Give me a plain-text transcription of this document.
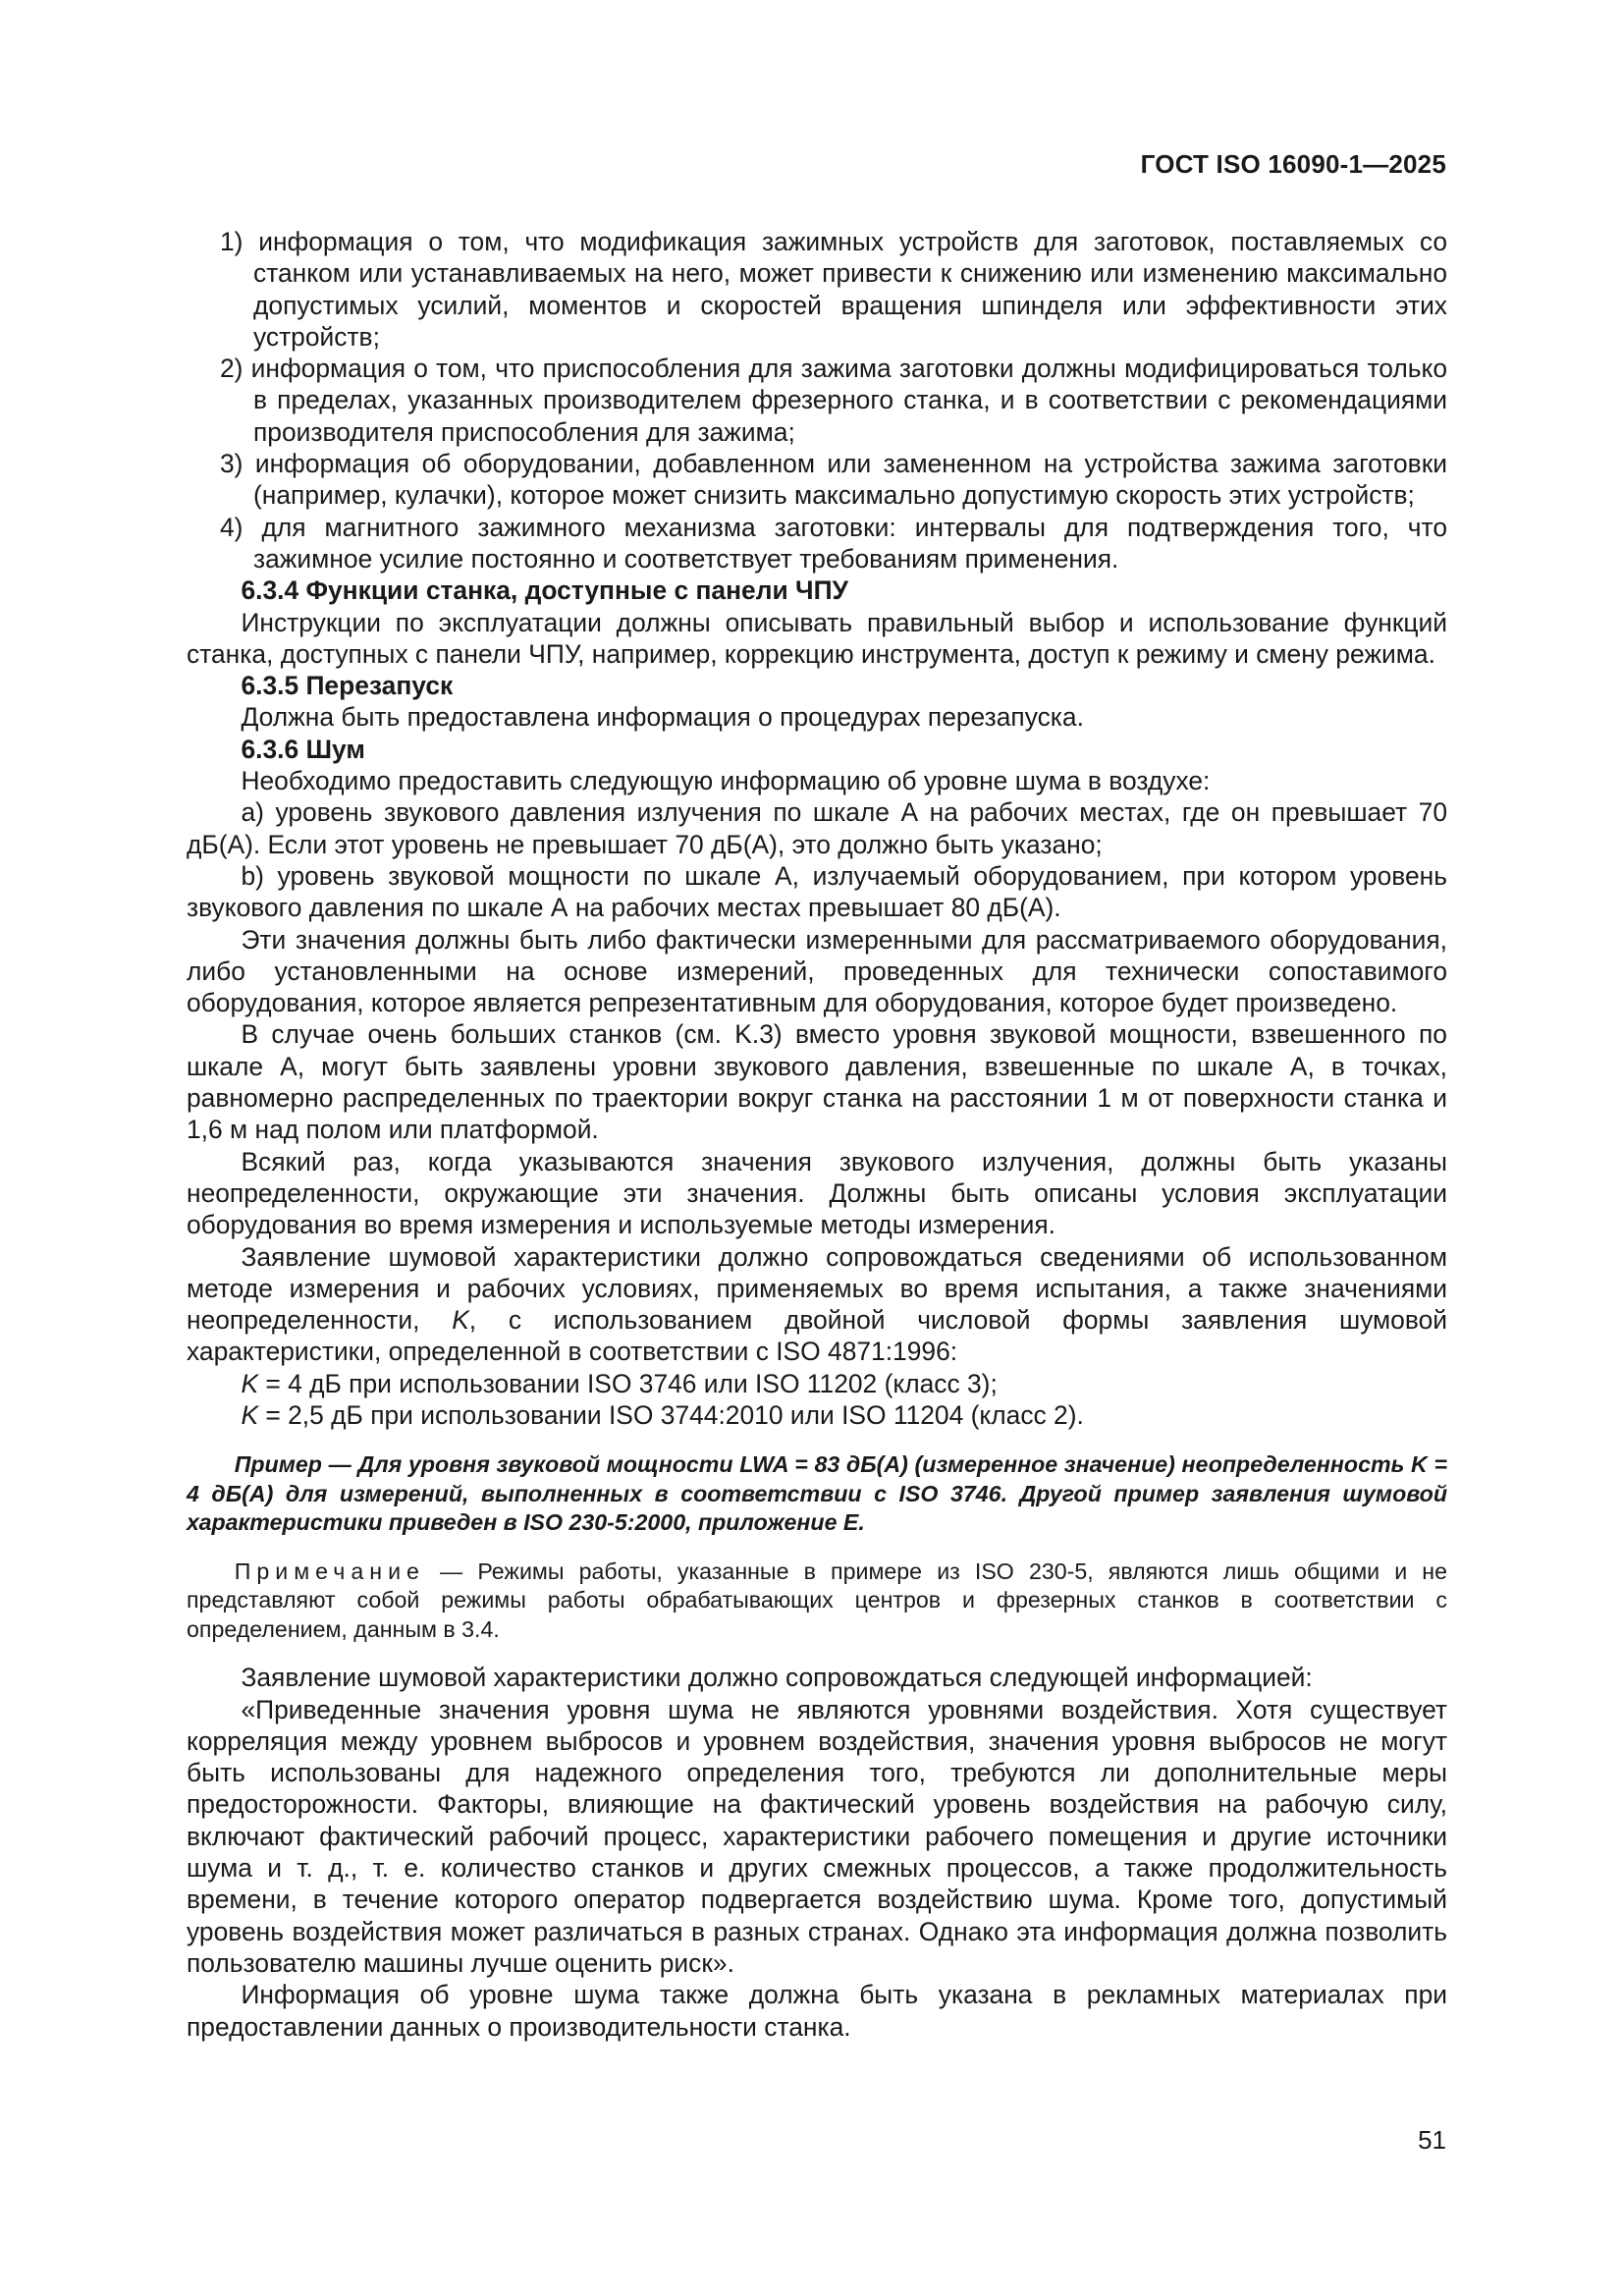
ГОСТ ISO 16090-1—2025

1) информация о том, что модификация зажимных устройств для заготовок, поставляемых со станком или устанавливаемых на него, может привести к снижению или изменению максимально допустимых усилий, моментов и скоростей вращения шпинделя или эффективности этих устройств;

2) информация о том, что приспособления для зажима заготовки должны модифицироваться только в пределах, указанных производителем фрезерного станка, и в соответствии с рекомендациями производителя приспособления для зажима;

3) информация об оборудовании, добавленном или замененном на устройства зажима заготовки (например, кулачки), которое может снизить максимально допустимую скорость этих устройств;

4) для магнитного зажимного механизма заготовки: интервалы для подтверждения того, что зажимное усилие постоянно и соответствует требованиям применения.

6.3.4 Функции станка, доступные с панели ЧПУ

Инструкции по эксплуатации должны описывать правильный выбор и использование функций станка, доступных с панели ЧПУ, например, коррекцию инструмента, доступ к режиму и смену режима.

6.3.5 Перезапуск

Должна быть предоставлена информация о процедурах перезапуска.

6.3.6 Шум

Необходимо предоставить следующую информацию об уровне шума в воздухе:

a) уровень звукового давления излучения по шкале А на рабочих местах, где он превышает 70 дБ(А). Если этот уровень не превышает 70 дБ(А), это должно быть указано;

b) уровень звуковой мощности по шкале А, излучаемый оборудованием, при котором уровень звукового давления по шкале А на рабочих местах превышает 80 дБ(А).

Эти значения должны быть либо фактически измеренными для рассматриваемого оборудования, либо установленными на основе измерений, проведенных для технически сопоставимого оборудования, которое является репрезентативным для оборудования, которое будет произведено.

В случае очень больших станков (см. K.3) вместо уровня звуковой мощности, взвешенного по шкале А, могут быть заявлены уровни звукового давления, взвешенные по шкале А, в точках, равномерно распределенных по траектории вокруг станка на расстоянии 1 м от поверхности станка и 1,6 м над полом или платформой.

Всякий раз, когда указываются значения звукового излучения, должны быть указаны неопределенности, окружающие эти значения. Должны быть описаны условия эксплуатации оборудования во время измерения и используемые методы измерения.

Заявление шумовой характеристики должно сопровождаться сведениями об использованном методе измерения и рабочих условиях, применяемых во время испытания, а также значениями неопределенности, K, с использованием двойной числовой формы заявления шумовой характеристики, определенной в соответствии с ISO 4871:1996:

K = 4 дБ при использовании ISO 3746 или ISO 11202 (класс 3);

K = 2,5 дБ при использовании ISO 3744:2010 или ISO 11204 (класс 2).

Пример — Для уровня звуковой мощности LWA = 83 дБ(А) (измеренное значение) неопределенность K = 4 дБ(А) для измерений, выполненных в соответствии с ISO 3746. Другой пример заявления шумовой характеристики приведен в ISO 230-5:2000, приложение E.

Примечание — Режимы работы, указанные в примере из ISO 230-5, являются лишь общими и не представляют собой режимы работы обрабатывающих центров и фрезерных станков в соответствии с определением, данным в 3.4.

Заявление шумовой характеристики должно сопровождаться следующей информацией:

«Приведенные значения уровня шума не являются уровнями воздействия. Хотя существует корреляция между уровнем выбросов и уровнем воздействия, значения уровня выбросов не могут быть использованы для надежного определения того, требуются ли дополнительные меры предосторожности. Факторы, влияющие на фактический уровень воздействия на рабочую силу, включают фактический рабочий процесс, характеристики рабочего помещения и другие источники шума и т. д., т. е. количество станков и других смежных процессов, а также продолжительность времени, в течение которого оператор подвергается воздействию шума. Кроме того, допустимый уровень воздействия может различаться в разных странах. Однако эта информация должна позволить пользователю машины лучше оценить риск».

Информация об уровне шума также должна быть указана в рекламных материалах при предоставлении данных о производительности станка.

51
